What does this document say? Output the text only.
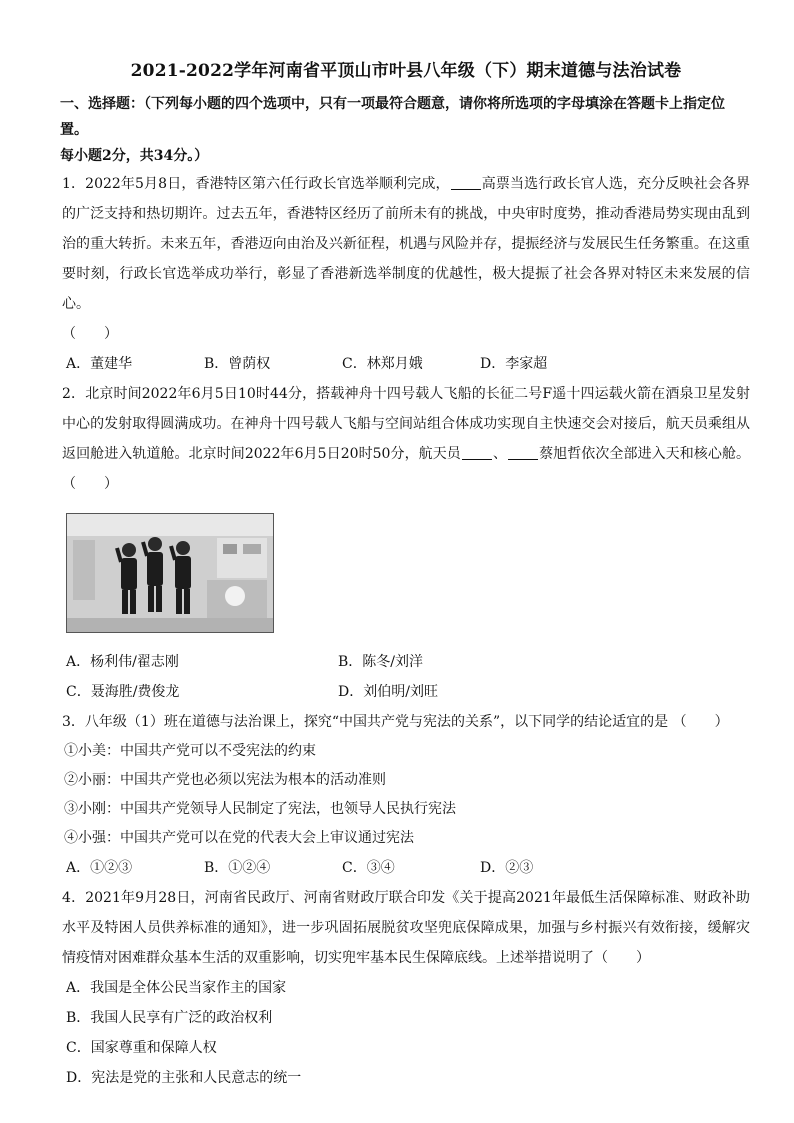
2021-2022学年河南省平顶山市叶县八年级（下）期末道德与法治试卷
一、选择题：（下列每小题的四个选项中，只有一项最符合题意，请你将所选项的字母填涂在答题卡上指定位置。
每小题2分，共34分。）
1．2022年5月8日，香港特区第六任行政长官选举顺利完成， 高票当选行政长官人选，充分反映社会各界的广泛支持和热切期许。过去五年，香港特区经历了前所未有的挑战，中央审时度势，推动香港局势实现由乱到治的重大转折。未来五年，香港迈向由治及兴新征程，机遇与风险并存，提振经济与发展民生任务繁重。在这重要时刻，行政长官选举成功举行，彰显了香港新选举制度的优越性，极大提振了社会各界对特区未来发展的信心。
（　　）
A．董建华	B．曾荫权	C．林郑月娥	D．李家超
2．北京时间2022年6月5日10时44分，搭载神舟十四号载人飞船的长征二号F遥十四运载火箭在酒泉卫星发射中心的发射取得圆满成功。在神舟十四号载人飞船与空间站组合体成功实现自主快速交会对接后，航天员乘组从返回舱进入轨道舱。北京时间2022年6月5日20时50分，航天员 、 蔡旭哲依次全部进入天和核心舱。（　　）
A．杨利伟/翟志刚	B．陈冬/刘洋
C．聂海胜/费俊龙	D．刘伯明/刘旺
3．八年级（1）班在道德与法治课上，探究“中国共产党与宪法的关系”，以下同学的结论适宜的是 （　　）
①小美：中国共产党可以不受宪法的约束
②小丽：中国共产党也必须以宪法为根本的活动准则
③小刚：中国共产党领导人民制定了宪法，也领导人民执行宪法
④小强：中国共产党可以在党的代表大会上审议通过宪法
A．①②③	B．①②④	C．③④	D．②③
4．2021年9月28日，河南省民政厅、河南省财政厅联合印发《关于提高2021年最低生活保障标准、财政补助水平及特困人员供养标准的通知》，进一步巩固拓展脱贫攻坚兜底保障成果，加强与乡村振兴有效衔接，缓解灾情疫情对困难群众基本生活的双重影响，切实兜牢基本民生保障底线。上述举措说明了（　　）
A．我国是全体公民当家作主的国家
B．我国人民享有广泛的政治权利
C．国家尊重和保障人权
D．宪法是党的主张和人民意志的统一
